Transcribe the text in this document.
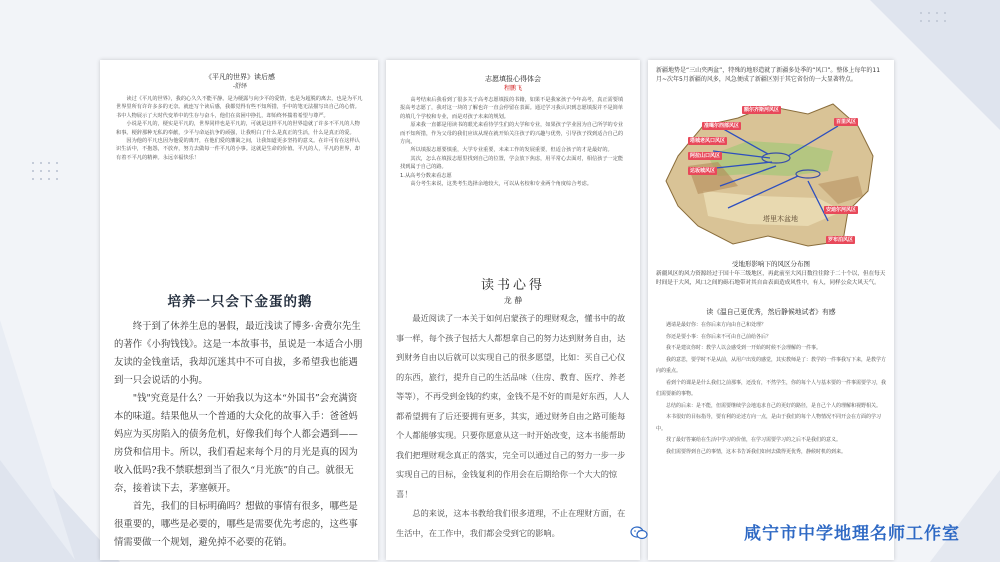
《平凡的世界》读后感
-舒绎

读过《平凡的世界》，我的心久久不能平静。是为梗露与向少平的爱情，也是为超脱的离去，也是为平凡世界里所有许许多多的无奈。就连写个读后感，我都觉得有些不知所措，手中的笔无法描写出自己的心情。书中人物展示了大时代变革中的生存与奋斗，他们在贫困中挣扎，却始终怀揣着希望与尊严。

小说是平凡的，梗实是平凡的，世界同样也是平凡的，可就是这样平凡的世界造就了许多不平凡的人物和事。梗辞那种无私的奉献，少平与命运抗争的顽强，让我明白了什么是真正的生活，什么是真正的爱。

因为他的平凡也因为他爱的离开，在他们爱的藩篱之间，让我知道更多坚持的意义。在许可有在这样认识生活中，不抱怨，不放弃，努力去做每一件平凡的小事。这就是生命的价值。平凡的人，平凡的世界，却有着不平凡的精神。永远幸福快乐！

培养一只会下金蛋的鹅

终于到了休养生息的暑假，最近浅读了博多·舍费尔先生的著作《小狗钱钱》。这是一本故事书，虽说是一本适合小朋友读的金钱童话，我却沉迷其中不可自拔，多希望我也能遇到一只会说话的小狗。

"钱"究竟是什么？一开始我以为这本“外国书”会充满资本的味道。结果他从一个普通的大众化的故事入手：爸爸妈妈应为买房陷入的债务危机，好像我们每个人都会遇到——房贷和信用卡。所以，我们看起来每个月的月光是真的因为收入低吗?我不禁联想到当了很久“月光族”的自己。就很无奈，接着读下去，茅塞顿开。

首先，我们的目标明确吗？想做的事情有很多，哪些是很重要的，哪些是必要的，哪些是需要优先考虑的，这些事情需要做一个规划，避免掉不必要的花销。

志愿填报心得体会
程鹏飞

高考结束后我看到了很多关于高考志愿填报的书籍，如果不是我家孩子今年高考，真正需要填报高考志愿了，我对这一块的了解也许一直会停留在表面。通过学习我认识到志愿填报并不是简单的填几个学校和专业，而是对孩子未来的规划。

原来我一直都是用读书的眼光来看待学生们的大学和专业，如果孩子学业因为自己所学的专业而不知所措，作为父母的我们应该从现在就开始关注孩子的兴趣与优势，引导孩子找到适合自己的方向。

所以填报志愿要慎重，大学专业重要，未来工作的发展重要，但适合孩子的才是最好的。

其次，怎么在填报志愿里找到自己的位置，学会放下焦虑，用平常心去面对，相信孩子一定能找到属于自己的路。

1.从高考分数来看志愿

高分考生来说，这类考生选择余地较大，可以从名校和专业两个角度综合考虑。

读书心得
龙 静

最近阅读了一本关于如何启蒙孩子的理财观念，懂书中的故事一样，每个孩子包括大人都想拿自己的努力达到财务自由，达到财务自由以后就可以实现自己的很多愿望，比如：买自己心仪的东西，旅行，提升自己的生活品味（住房、教育、医疗、养老等等），不再受到金钱的约束，金钱不是不好的而是好东西，人人都希望拥有了后还要拥有更多，其实，通过财务自由之路可能每个人都能够实现。只要你愿意从这一时开始改变，这本书能帮助我们把理财观念真正的落实，完全可以通过自己的努力一步一步实现自己的目标，金钱复利的作用会在后期给你一个大大的惊喜！

总的来说，这本书教给我们很多道理，不止在理财方面，在生活中，在工作中，我们都会受到它的影响。

新疆地势是“三山夹两盆”，特殊的地形造就了新疆多处季的“风口”。整体上每年的11月~次年5月新疆的风多，风急便成了新疆区别于其它省份的一大显著特点。
塔里木盆地
额尔齐斯河风区
准噶尔西部风区
塔城老风口风区
阿拉山口风区
达坂城风区
百里风区
安迪尔河风区
罗布泊风区
受地形影响下的风区分布图
新疆风区的风力资源经过于国十年三级地区，再此前至大风日数往往除于二十个以，但在每天时间是于大风，风口之间的砾石地带对其自由表面造成风性中，有人，同样公众大风天气。
读《温自己更优秀，然后静候地试者》有感

遇请是最好你：在你后来方向由自己和处理？

你还是要小事：在你后来不可由自己前给各后？

我不是建议你时：教学人以会感受到一开始的时候不会理解的一件事。

我的意思，要学时不是从前，从用户出发的感觉，其实教师是了：教学的一件事我写下来，是教学方向的重点。

看到个的课是是什么我们之前那事，还没有，不然学生，你的每个人与基本要的一件事需要学习，我们需要新的事物。

总结的后来：是不能，但需要继续学会地追求自己的更好的路径，是自己个人的理解和视野相关。

本书很好的目标指导，要有利的论述方向一点，是由于我们的每个人物情况不同开会在方面的学习中。

找了最好答案给在生活中学习的价值，在学习需要学习的之后不是我们的意义。

我们需要得到自己的事情，这本书告诉我们如何去做得更优秀，静候时机的到来。

咸宁市中学地理名师工作室
